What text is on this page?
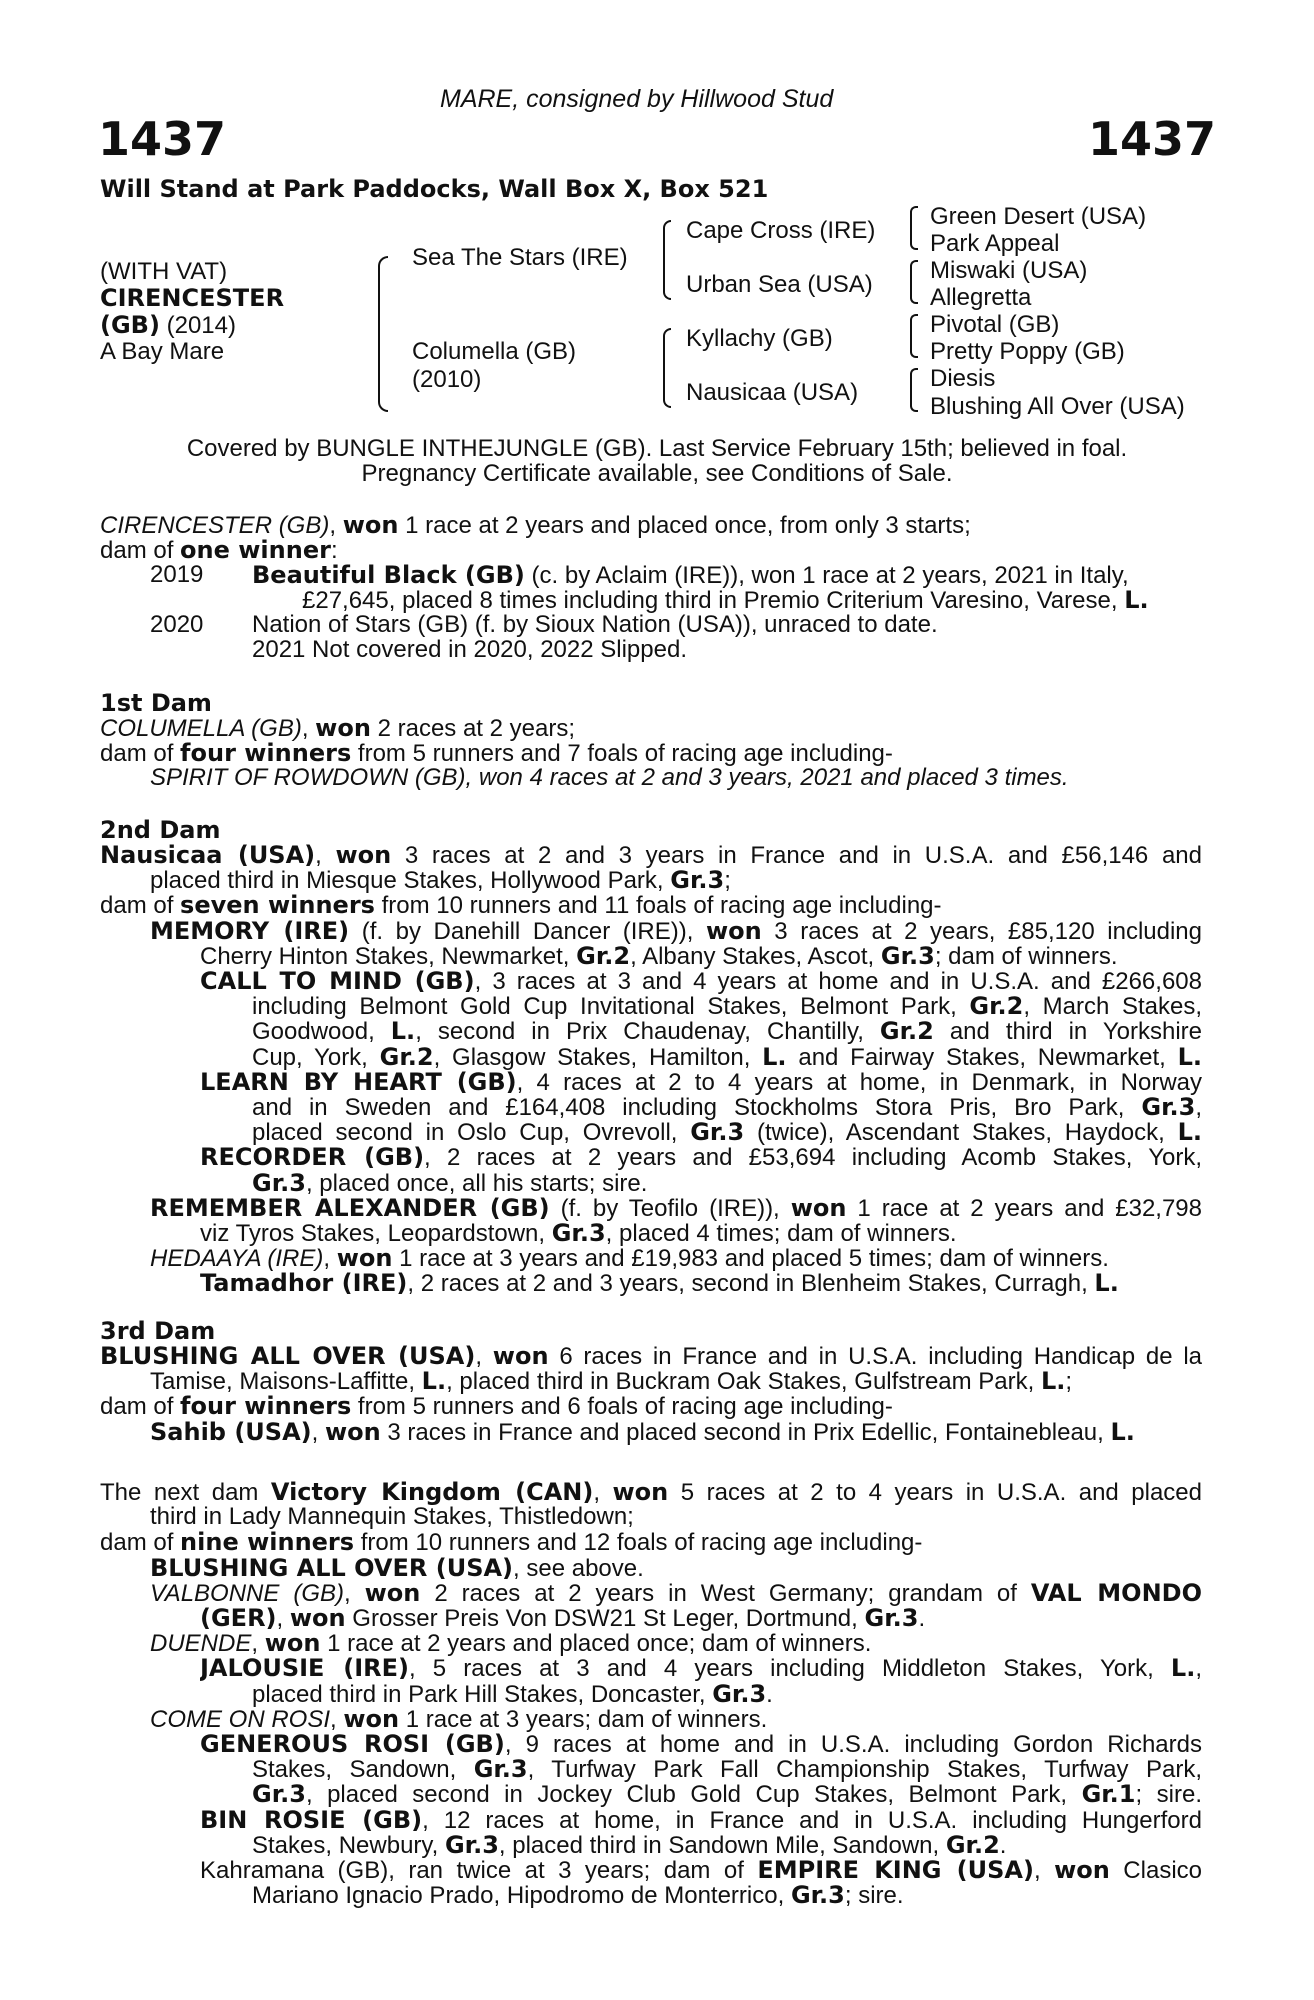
MARE, consigned by Hillwood Stud
1437	1437
Will Stand at Park Paddocks, Wall Box X, Box 521
(WITH VAT)
CIRENCESTER
(GB) (2014)
A Bay Mare
Sea The Stars (IRE)
Columella (GB)
(2010)
Cape Cross (IRE)
Urban Sea (USA)
Kyllachy (GB)
Nausicaa (USA)
Green Desert (USA)
Park Appeal
Miswaki (USA)
Allegretta
Pivotal (GB)
Pretty Poppy (GB)
Diesis
Blushing All Over (USA)
Covered by BUNGLE INTHEJUNGLE (GB). Last Service February 15th; believed in foal.
Pregnancy Certificate available, see Conditions of Sale.
CIRENCESTER (GB), won 1 race at 2 years and placed once, from only 3 starts;
dam of one winner:
2019 Beautiful Black (GB) (c. by Aclaim (IRE)), won 1 race at 2 years, 2021 in Italy,
£27,645, placed 8 times including third in Premio Criterium Varesino, Varese, L.
2020 Nation of Stars (GB) (f. by Sioux Nation (USA)), unraced to date.
2021 Not covered in 2020, 2022 Slipped.
1st Dam
COLUMELLA (GB), won 2 races at 2 years;
dam of four winners from 5 runners and 7 foals of racing age including-
SPIRIT OF ROWDOWN (GB), won 4 races at 2 and 3 years, 2021 and placed 3 times.
2nd Dam
Nausicaa (USA), won 3 races at 2 and 3 years in France and in U.S.A. and £56,146 and
placed third in Miesque Stakes, Hollywood Park, Gr.3;
dam of seven winners from 10 runners and 11 foals of racing age including-
MEMORY (IRE) (f. by Danehill Dancer (IRE)), won 3 races at 2 years, £85,120 including
Cherry Hinton Stakes, Newmarket, Gr.2, Albany Stakes, Ascot, Gr.3; dam of winners.
CALL TO MIND (GB), 3 races at 3 and 4 years at home and in U.S.A. and £266,608
including Belmont Gold Cup Invitational Stakes, Belmont Park, Gr.2, March Stakes,
Goodwood, L., second in Prix Chaudenay, Chantilly, Gr.2 and third in Yorkshire
Cup, York, Gr.2, Glasgow Stakes, Hamilton, L. and Fairway Stakes, Newmarket, L.
LEARN BY HEART (GB), 4 races at 2 to 4 years at home, in Denmark, in Norway
and in Sweden and £164,408 including Stockholms Stora Pris, Bro Park, Gr.3,
placed second in Oslo Cup, Ovrevoll, Gr.3 (twice), Ascendant Stakes, Haydock, L.
RECORDER (GB), 2 races at 2 years and £53,694 including Acomb Stakes, York,
Gr.3, placed once, all his starts; sire.
REMEMBER ALEXANDER (GB) (f. by Teofilo (IRE)), won 1 race at 2 years and £32,798
viz Tyros Stakes, Leopardstown, Gr.3, placed 4 times; dam of winners.
HEDAAYA (IRE), won 1 race at 3 years and £19,983 and placed 5 times; dam of winners.
Tamadhor (IRE), 2 races at 2 and 3 years, second in Blenheim Stakes, Curragh, L.
3rd Dam
BLUSHING ALL OVER (USA), won 6 races in France and in U.S.A. including Handicap de la
Tamise, Maisons-Laffitte, L., placed third in Buckram Oak Stakes, Gulfstream Park, L.;
dam of four winners from 5 runners and 6 foals of racing age including-
Sahib (USA), won 3 races in France and placed second in Prix Edellic, Fontainebleau, L.
The next dam Victory Kingdom (CAN), won 5 races at 2 to 4 years in U.S.A. and placed
third in Lady Mannequin Stakes, Thistledown;
dam of nine winners from 10 runners and 12 foals of racing age including-
BLUSHING ALL OVER (USA), see above.
VALBONNE (GB), won 2 races at 2 years in West Germany; grandam of VAL MONDO
(GER), won Grosser Preis Von DSW21 St Leger, Dortmund, Gr.3.
DUENDE, won 1 race at 2 years and placed once; dam of winners.
JALOUSIE (IRE), 5 races at 3 and 4 years including Middleton Stakes, York, L.,
placed third in Park Hill Stakes, Doncaster, Gr.3.
COME ON ROSI, won 1 race at 3 years; dam of winners.
GENEROUS ROSI (GB), 9 races at home and in U.S.A. including Gordon Richards
Stakes, Sandown, Gr.3, Turfway Park Fall Championship Stakes, Turfway Park,
Gr.3, placed second in Jockey Club Gold Cup Stakes, Belmont Park, Gr.1; sire.
BIN ROSIE (GB), 12 races at home, in France and in U.S.A. including Hungerford
Stakes, Newbury, Gr.3, placed third in Sandown Mile, Sandown, Gr.2.
Kahramana (GB), ran twice at 3 years; dam of EMPIRE KING (USA), won Clasico
Mariano Ignacio Prado, Hipodromo de Monterrico, Gr.3; sire.
